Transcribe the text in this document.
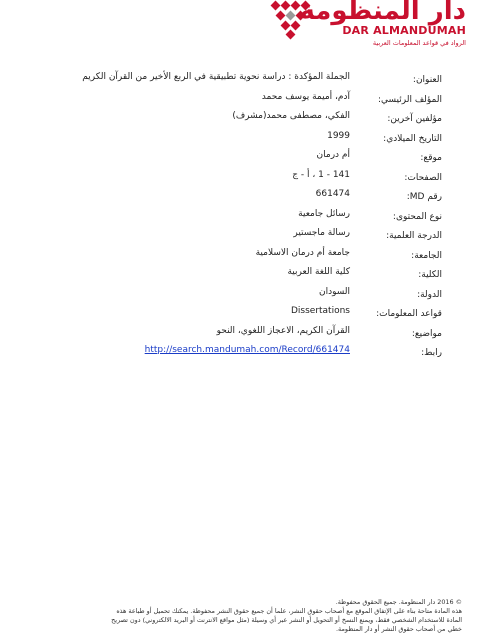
دار المنظومة
DAR ALMANDUMAH
الرواد في قواعد المعلومات العربية
العنوان:
الجملة المؤكدة : دراسة نحوية تطبيقية في الربع الأخير من القرآن الكريم
المؤلف الرئيسي:
آدم، أميمة يوسف محمد
مؤلفين آخرين:
الفكي، مصطفى محمد(مشرف)
التاريخ الميلادي:
1999
موقع:
أم درمان
الصفحات:
141 - 1 ، أ - ج
رقم MD:
661474
نوع المحتوى:
رسائل جامعية
الدرجة العلمية:
رسالة ماجستير
الجامعة:
جامعة أم درمان الاسلامية
الكلية:
كلية اللغة العربية
الدولة:
السودان
قواعد المعلومات:
Dissertations
مواضيع:
القرآن الكريم، الاعجاز اللغوي، النحو
رابط:
http://search.mandumah.com/Record/661474
© 2016 دار المنظومة. جميع الحقوق محفوظة.
هذه المادة متاحة بناء على الإتفاق الموقع مع أصحاب حقوق النشر، علما أن جميع حقوق النشر محفوظة. يمكنك تحميل أو طباعة هذه
المادة للاستخدام الشخصي فقط، ويمنع النسخ أو التحويل أو النشر عبر أي وسيلة (مثل مواقع الانترنت أو البريد الالكتروني) دون تصريح
خطي من أصحاب حقوق النشر أو دار المنظومة.
